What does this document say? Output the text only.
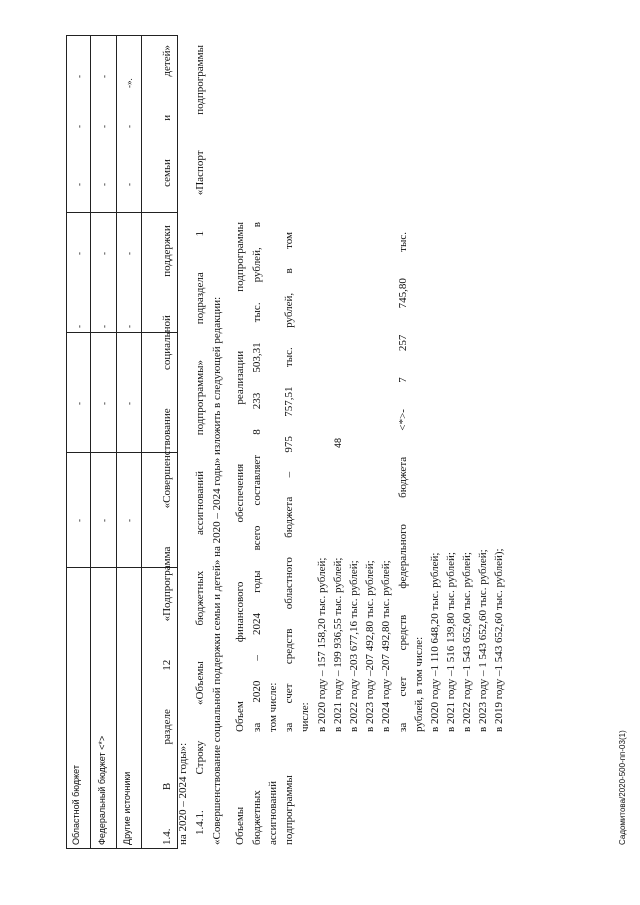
Областной бюджет Федеральный бюджет <*> Другие источники
-
-
-
-
-
-
-
-
-
-
-
-
-
-
-
-
-
-
-
-
-».
48
Садомитова/2020-500-пп-03(1)
1.4. В разделе 12 «Подпрограмма «Совершенствование социальной поддержки семьи и детей» на 2020 – 2024 годы»: 1.4.1. Строку «Объемы бюджетных ассигнований подпрограммы» подраздела 1 «Паспорт подпрограммы «Совершенствование социальной поддержки семьи и детей» на 2020 – 2024 годы» изложить в следующей редакции: Объемы бюджетных ассигнований подпрограммы
Объем финансового обеспечения реализации подпрограммы за 2020 – 2024 годы всего составляет 8 233 503,31 тыс. рублей, в том числе: за счет средств областного бюджета – 975 757,51 тыс. рублей, в том числе: в 2020 году – 157 158,20 тыс. рублей; в 2021 году – 199 936,55 тыс. рублей; в 2022 году –203 677,16 тыс. рублей; в 2023 году –207 492,80 тыс. рублей; в 2024 году –207 492,80 тыс. рублей; за счет средств федерального бюджета <*>- 7 257 745,80 тыс. рублей, в том числе: в 2020 году –1 110 648,20 тыс. рублей; в 2021 году –1 516 139,80 тыс. рублей; в 2022 году –1 543 652,60 тыс. рублей; в 2023 году – 1 543 652,60 тыс. рублей; в 2019 году –1 543 652,60 тыс. рублей);
